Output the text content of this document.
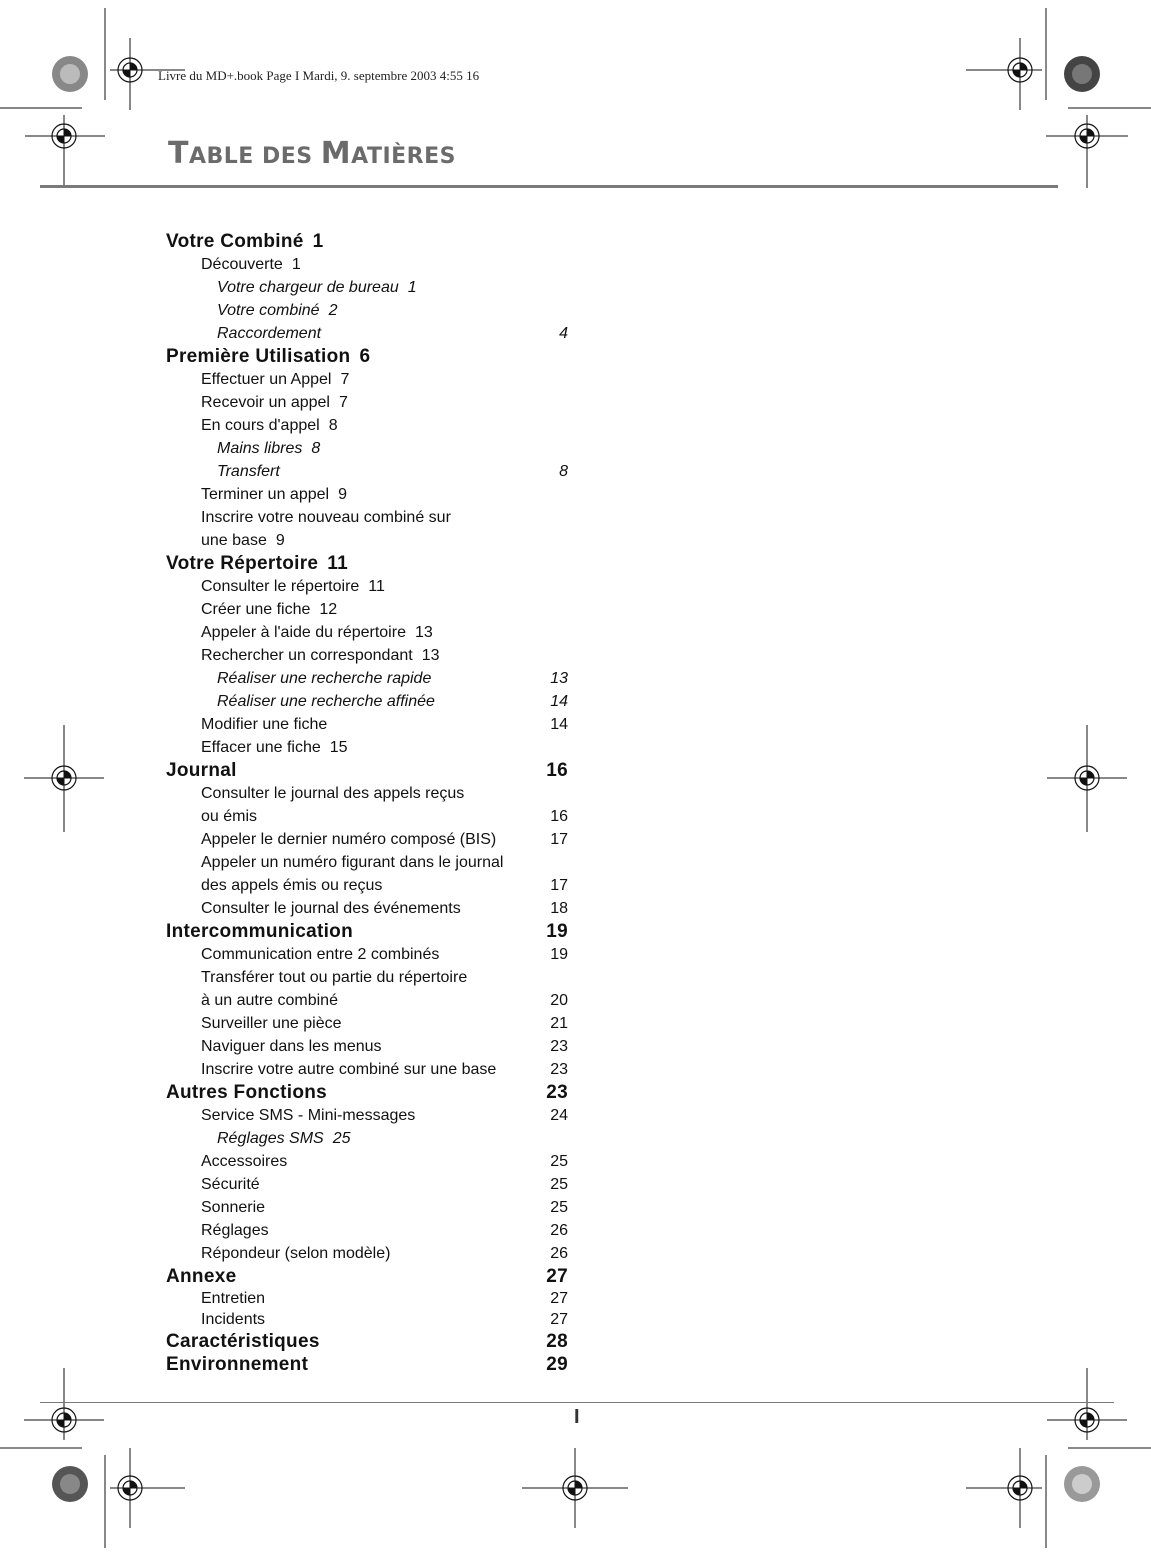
Livre du MD+.book Page I Mardi, 9. septembre 2003 4:55 16
TABLE DES MATIÈRES
Votre Combiné 1
Découverte 1
Votre chargeur de bureau 1
Votre combiné 2
Raccordement	4
Première Utilisation 6
Effectuer un Appel 7
Recevoir un appel 7
En cours d'appel 8
Mains libres 8
Transfert	8
Terminer un appel 9
Inscrire votre nouveau combiné sur
une base 9
Votre Répertoire 11
Consulter le répertoire 11
Créer une fiche 12
Appeler à l'aide du répertoire 13
Rechercher un correspondant 13
Réaliser une recherche rapide	13
Réaliser une recherche affinée	14
Modifier une fiche	14
Effacer une fiche 15
Journal	16
Consulter le journal des appels reçus
ou émis	16
Appeler le dernier numéro composé (BIS)	17
Appeler un numéro figurant dans le journal
des appels émis ou reçus	17
Consulter le journal des événements	18
Intercommunication	19
Communication entre 2 combinés	19
Transférer tout ou partie du répertoire
à un autre combiné	20
Surveiller une pièce	21
Naviguer dans les menus	23
Inscrire votre autre combiné sur une base	23
Autres Fonctions	23
Service SMS - Mini-messages	24
Réglages SMS 25
Accessoires	25
Sécurité	25
Sonnerie	25
Réglages	26
Répondeur (selon modèle)	26
Annexe	27
Entretien	27
Incidents	27
Caractéristiques	28
Environnement	29
I
